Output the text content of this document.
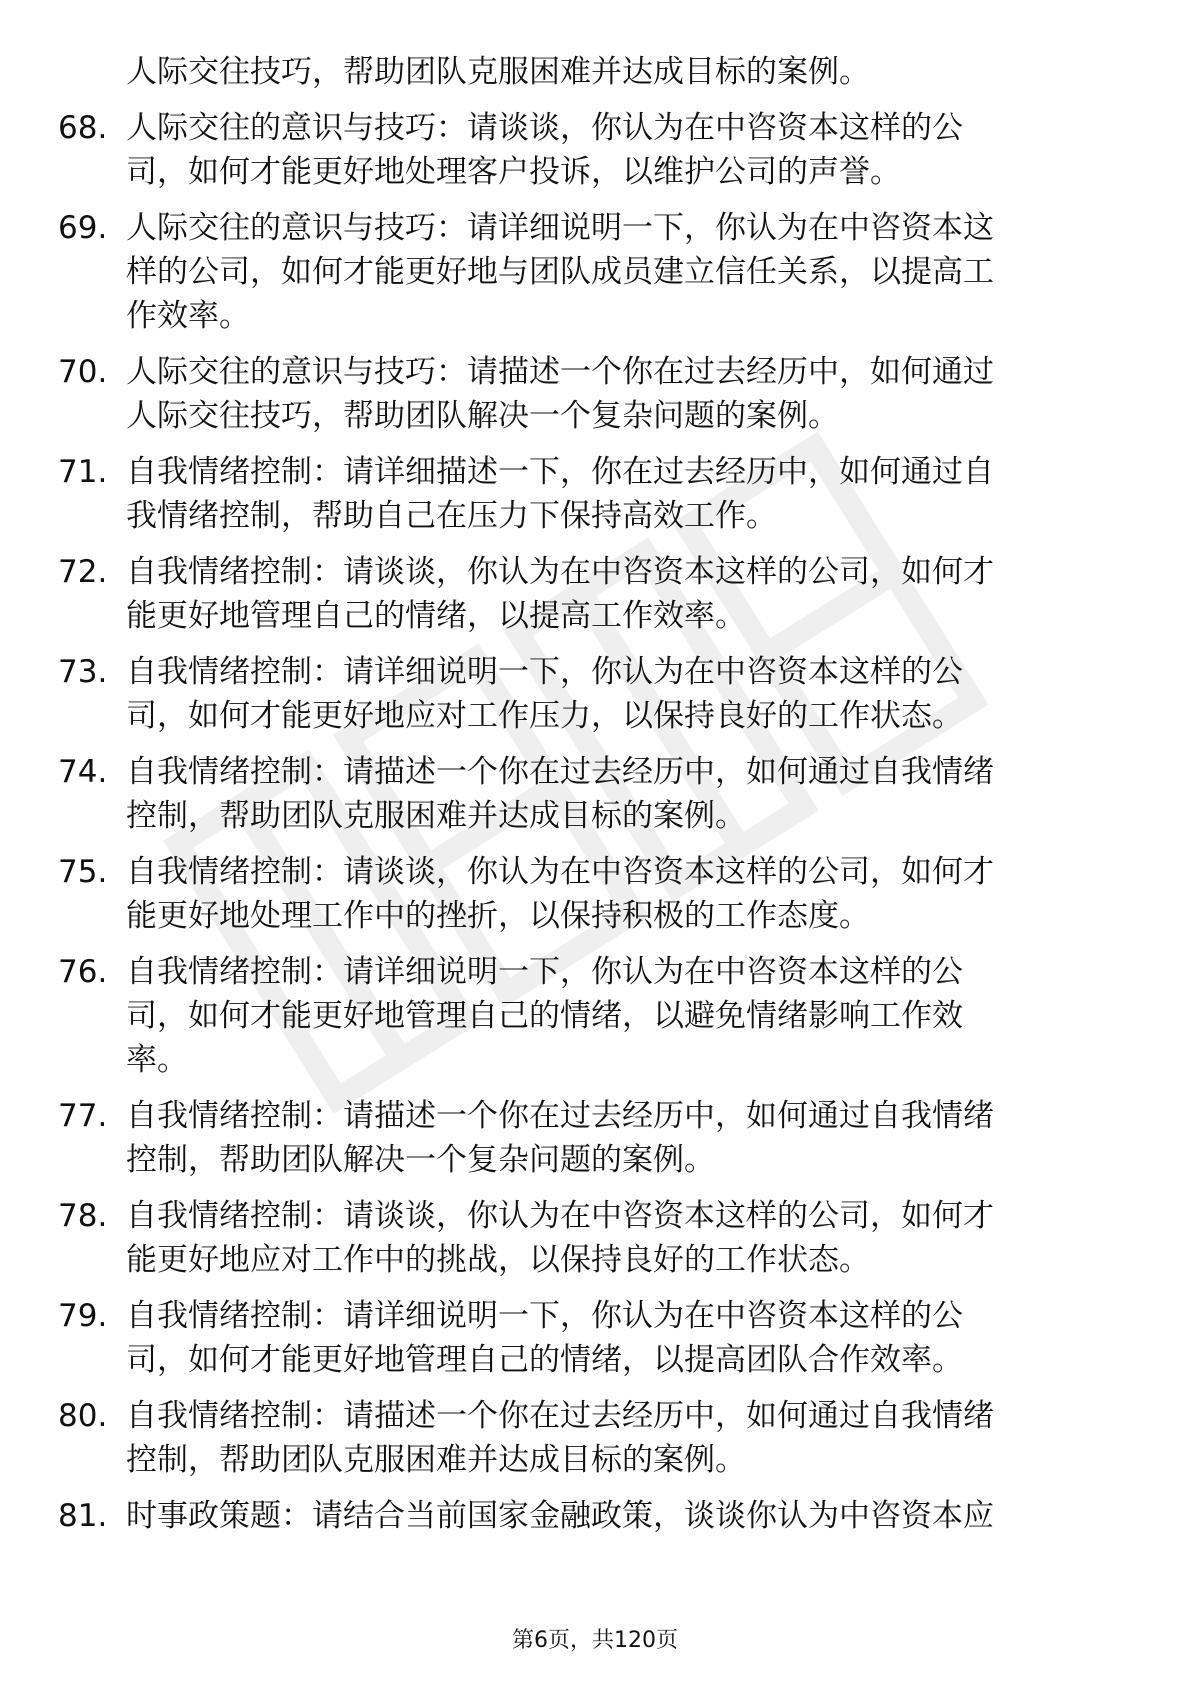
人际交往技巧，帮助团队克服困难并达成目标的案例。
68. 人际交往的意识与技巧：请谈谈，你认为在中咨资本这样的公
司，如何才能更好地处理客户投诉，以维护公司的声誉。
69. 人际交往的意识与技巧：请详细说明一下，你认为在中咨资本这
样的公司，如何才能更好地与团队成员建立信任关系，以提高工
作效率。
70. 人际交往的意识与技巧：请描述一个你在过去经历中，如何通过
人际交往技巧，帮助团队解决一个复杂问题的案例。
71. 自我情绪控制：请详细描述一下，你在过去经历中，如何通过自
我情绪控制，帮助自己在压力下保持高效工作。
72. 自我情绪控制：请谈谈，你认为在中咨资本这样的公司，如何才
能更好地管理自己的情绪，以提高工作效率。
73. 自我情绪控制：请详细说明一下，你认为在中咨资本这样的公
司，如何才能更好地应对工作压力，以保持良好的工作状态。
74. 自我情绪控制：请描述一个你在过去经历中，如何通过自我情绪
控制，帮助团队克服困难并达成目标的案例。
75. 自我情绪控制：请谈谈，你认为在中咨资本这样的公司，如何才
能更好地处理工作中的挫折，以保持积极的工作态度。
76. 自我情绪控制：请详细说明一下，你认为在中咨资本这样的公
司，如何才能更好地管理自己的情绪，以避免情绪影响工作效
率。
77. 自我情绪控制：请描述一个你在过去经历中，如何通过自我情绪
控制，帮助团队解决一个复杂问题的案例。
78. 自我情绪控制：请谈谈，你认为在中咨资本这样的公司，如何才
能更好地应对工作中的挑战，以保持良好的工作状态。
79. 自我情绪控制：请详细说明一下，你认为在中咨资本这样的公
司，如何才能更好地管理自己的情绪，以提高团队合作效率。
80. 自我情绪控制：请描述一个你在过去经历中，如何通过自我情绪
控制，帮助团队克服困难并达成目标的案例。
81. 时事政策题：请结合当前国家金融政策，谈谈你认为中咨资本应
第6页，共120页
